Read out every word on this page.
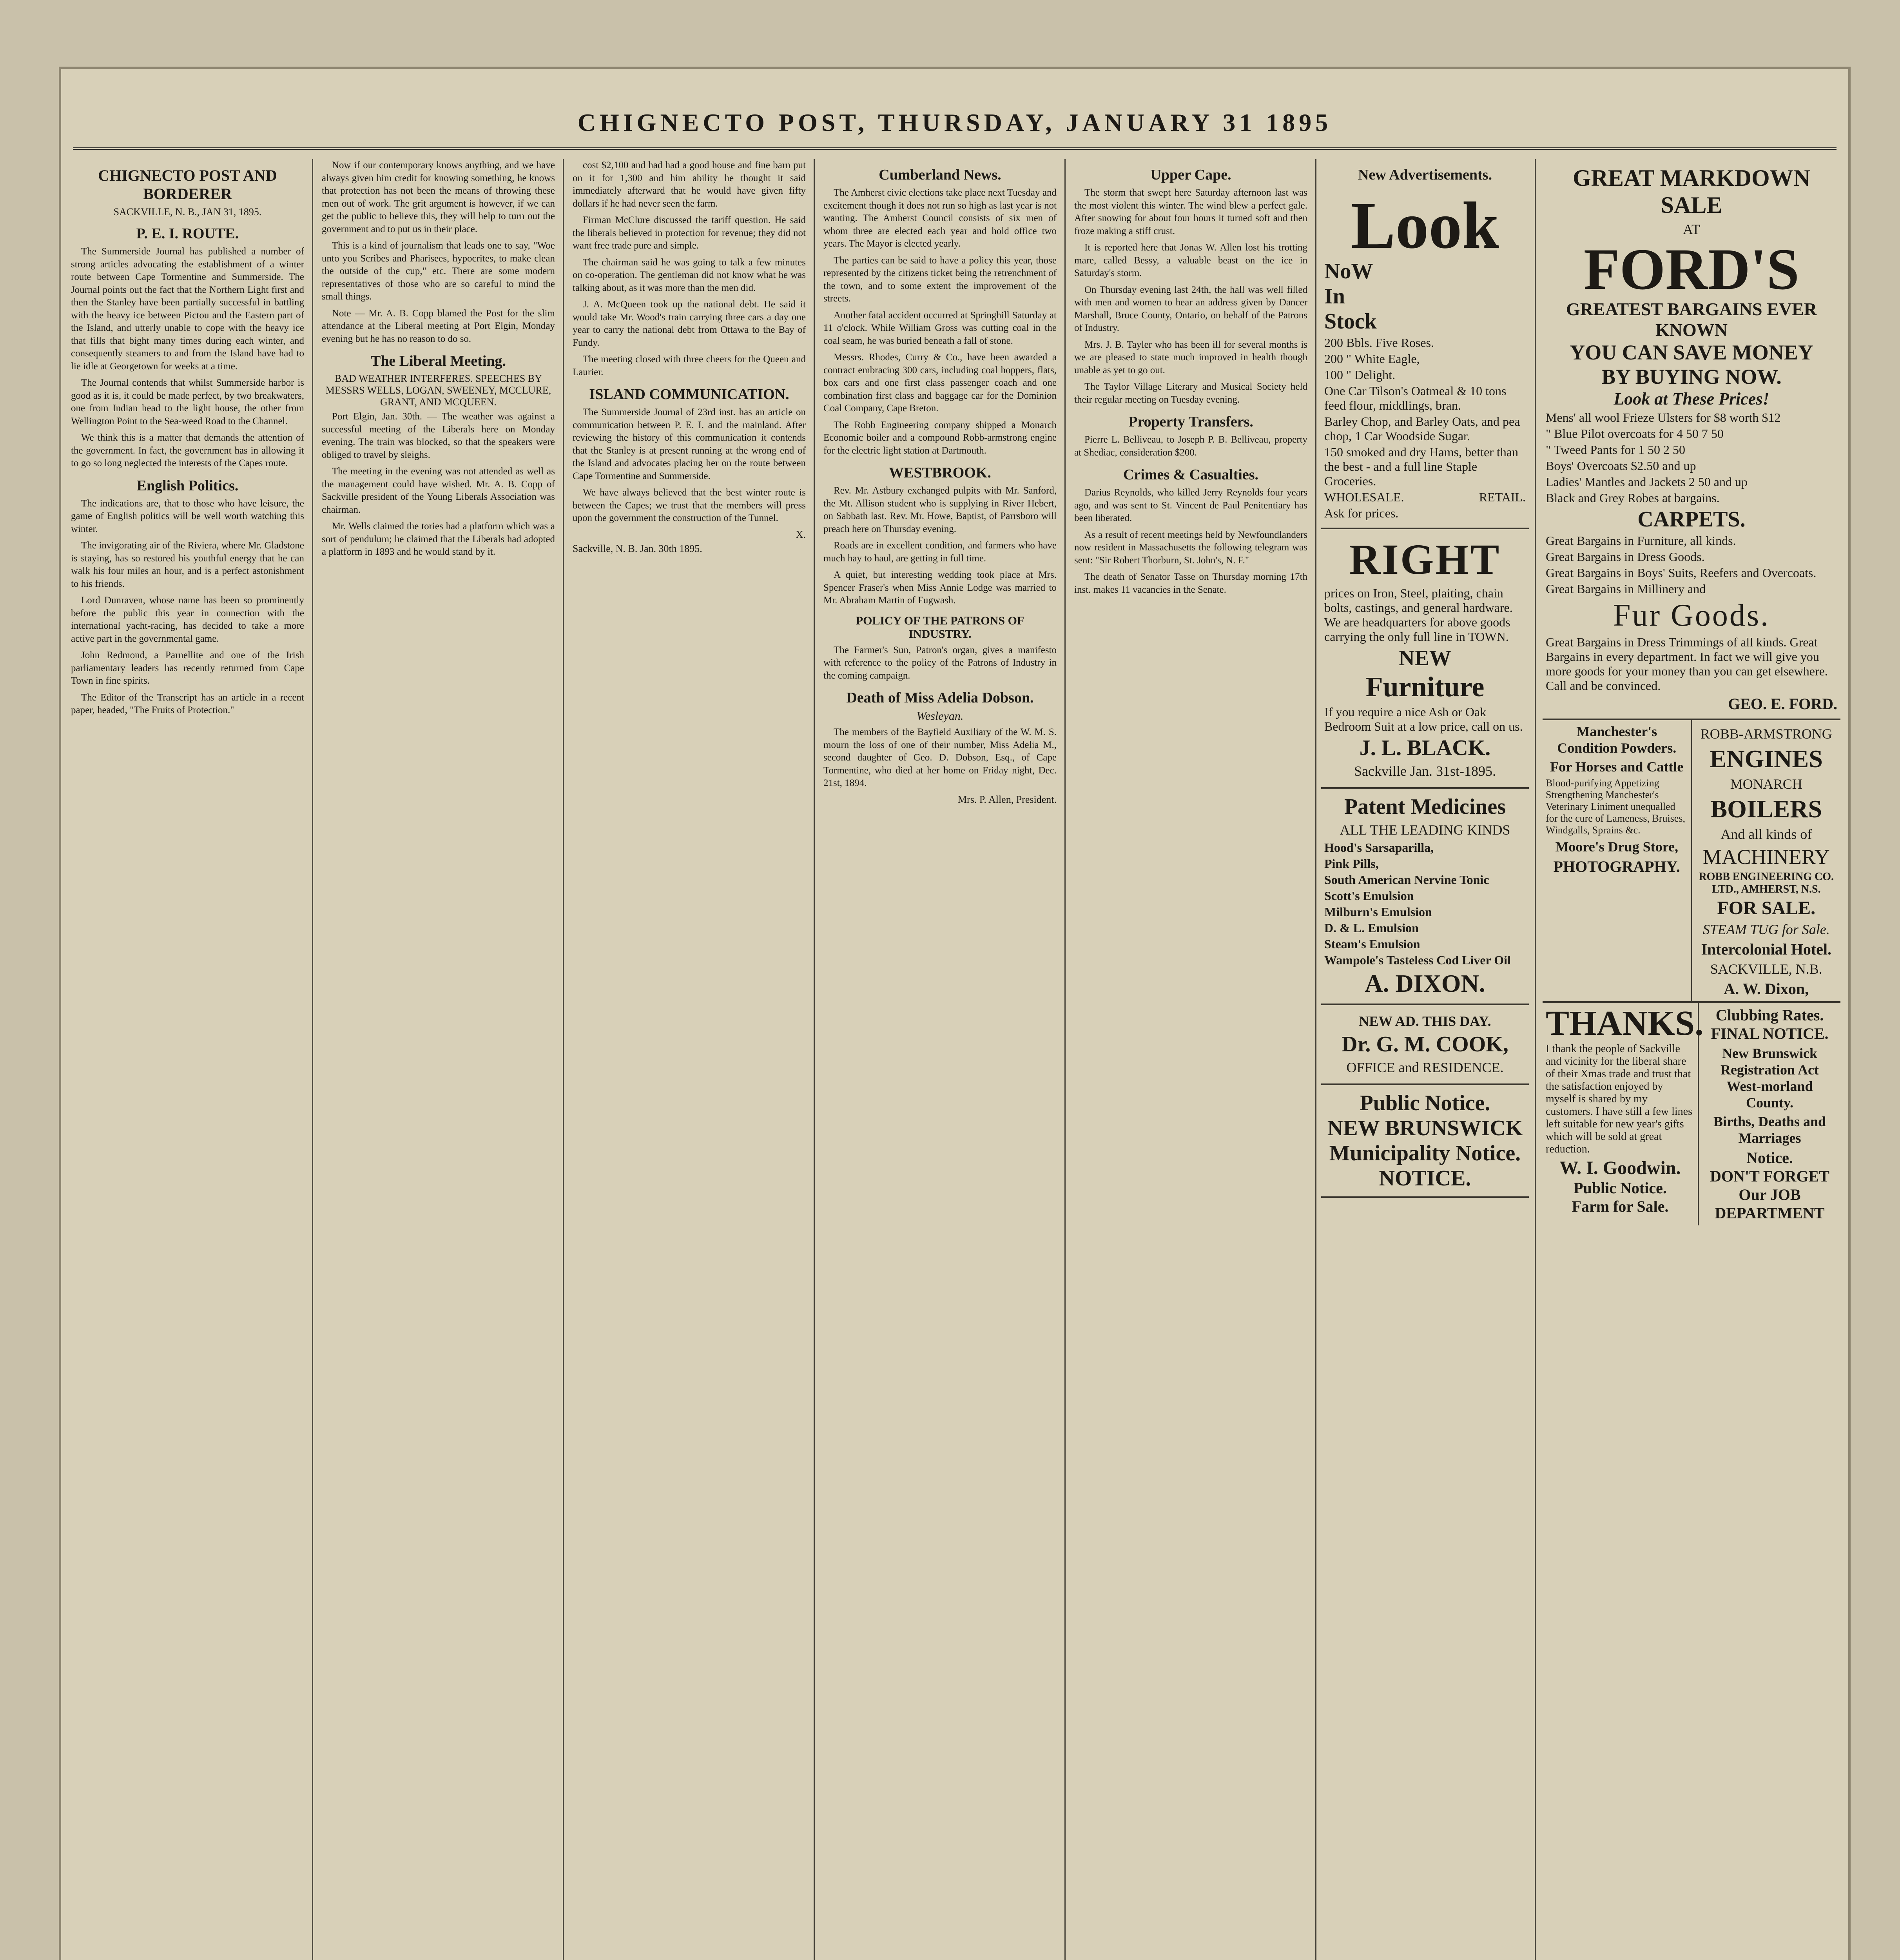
CHIGNECTO POST, THURSDAY, JANUARY 31 1895
CHIGNECTO POST AND BORDERER
SACKVILLE, N. B., JAN 31, 1895.
P. E. I. ROUTE.

The Summerside Journal has published a number of strong articles advocating the establishment of a winter route between Cape Tormentine and Summerside. The Journal points out the fact that the Northern Light first and then the Stanley have been partially successful in battling with the heavy ice between Pictou and the Eastern part of the Island, and utterly unable to cope with the heavy ice that fills that bight many times during each winter, and consequently steamers to and from the Island have had to lie idle at Georgetown for weeks at a time.

The Journal contends that whilst Summerside harbor is good as it is, it could be made perfect, by two breakwaters, one from Indian head to the light house, the other from Wellington Point to the Sea-weed Road to the Channel.

We think this is a matter that demands the attention of the government. In fact, the government has in allowing it to go so long neglected the interests of the Capes route.

English Politics.

The indications are, that to those who have leisure, the game of English politics will be well worth watching this winter.

The invigorating air of the Riviera, where Mr. Gladstone is staying, has so restored his youthful energy that he can walk his four miles an hour, and is a perfect astonishment to his friends.

Lord Dunraven, whose name has been so prominently before the public this year in connection with the international yacht-racing, has decided to take a more active part in the governmental game.

John Redmond, a Parnellite and one of the Irish parliamentary leaders has recently returned from Cape Town in fine spirits.

The Editor of the Transcript has an article in a recent paper, headed, "The Fruits of Protection."

Now if our contemporary knows anything, and we have always given him credit for knowing something, he knows that protection has not been the means of throwing these men out of work. The grit argument is however, if we can get the public to believe this, they will help to turn out the government and to put us in their place.

This is a kind of journalism that leads one to say, "Woe unto you Scribes and Pharisees, hypocrites, to make clean the outside of the cup," etc. There are some modern representatives of those who are so careful to mind the small things.

Note — Mr. A. B. Copp blamed the Post for the slim attendance at the Liberal meeting at Port Elgin, Monday evening but he has no reason to do so.

The Liberal Meeting.
BAD WEATHER INTERFERES. SPEECHES BY MESSRS WELLS, LOGAN, SWEENEY, MCCLURE, GRANT, AND MCQUEEN.

Port Elgin, Jan. 30th. — The weather was against a successful meeting of the Liberals here on Monday evening. The train was blocked, so that the speakers were obliged to travel by sleighs.

The meeting in the evening was not attended as well as the management could have wished. Mr. A. B. Copp of Sackville president of the Young Liberals Association was chairman.

Mr. Wells claimed the tories had a platform which was a sort of pendulum; he claimed that the Liberals had adopted a platform in 1893 and he would stand by it.

cost $2,100 and had had a good house and fine barn put on it for 1,300 and him ability he thought it said immediately afterward that he would have given fifty dollars if he had never seen the farm.

Firman McClure discussed the tariff question. He said the liberals believed in protection for revenue; they did not want free trade pure and simple.

The chairman said he was going to talk a few minutes on co-operation. The gentleman did not know what he was talking about, as it was more than the men did.

J. A. McQueen took up the national debt. He said it would take Mr. Wood's train carrying three cars a day one year to carry the national debt from Ottawa to the Bay of Fundy.

The meeting closed with three cheers for the Queen and Laurier.

ISLAND COMMUNICATION.

The Summerside Journal of 23rd inst. has an article on communication between P. E. I. and the mainland. After reviewing the history of this communication it contends that the Stanley is at present running at the wrong end of the Island and advocates placing her on the route between Cape Tormentine and Summerside.

We have always believed that the best winter route is between the Capes; we trust that the members will press upon the government the construction of the Tunnel.

X.
Sackville, N. B. Jan. 30th 1895.
Cumberland News.

The Amherst civic elections take place next Tuesday and excitement though it does not run so high as last year is not wanting. The Amherst Council consists of six men of whom three are elected each year and hold office two years. The Mayor is elected yearly.

The parties can be said to have a policy this year, those represented by the citizens ticket being the retrenchment of the town, and to some extent the improvement of the streets.

Another fatal accident occurred at Springhill Saturday at 11 o'clock. While William Gross was cutting coal in the coal seam, he was buried beneath a fall of stone.

Messrs. Rhodes, Curry & Co., have been awarded a contract embracing 300 cars, including coal hoppers, flats, box cars and one first class passenger coach and one combination first class and baggage car for the Dominion Coal Company, Cape Breton.

The Robb Engineering company shipped a Monarch Economic boiler and a compound Robb-armstrong engine for the electric light station at Dartmouth.

WESTBROOK.

Rev. Mr. Astbury exchanged pulpits with Mr. Sanford, the Mt. Allison student who is supplying in River Hebert, on Sabbath last. Rev. Mr. Howe, Baptist, of Parrsboro will preach here on Thursday evening.

Roads are in excellent condition, and farmers who have much hay to haul, are getting in full time.

A quiet, but interesting wedding took place at Mrs. Spencer Fraser's when Miss Annie Lodge was married to Mr. Abraham Martin of Fugwash.

POLICY OF THE PATRONS OF INDUSTRY.

The Farmer's Sun, Patron's organ, gives a manifesto with reference to the policy of the Patrons of Industry in the coming campaign.

Death of Miss Adelia Dobson.
Wesleyan.

The members of the Bayfield Auxiliary of the W. M. S. mourn the loss of one of their number, Miss Adelia M., second daughter of Geo. D. Dobson, Esq., of Cape Tormentine, who died at her home on Friday night, Dec. 21st, 1894.

Mrs. P. Allen, President.
Upper Cape.

The storm that swept here Saturday afternoon last was the most violent this winter. The wind blew a perfect gale. After snowing for about four hours it turned soft and then froze making a stiff crust.

It is reported here that Jonas W. Allen lost his trotting mare, called Bessy, a valuable beast on the ice in Saturday's storm.

On Thursday evening last 24th, the hall was well filled with men and women to hear an address given by Dancer Marshall, Bruce County, Ontario, on behalf of the Patrons of Industry.

Mrs. J. B. Tayler who has been ill for several months is we are pleased to state much improved in health though unable as yet to go out.

The Taylor Village Literary and Musical Society held their regular meeting on Tuesday evening.

Property Transfers.

Pierre L. Belliveau, to Joseph P. B. Belliveau, property at Shediac, consideration $200.

Crimes & Casualties.

Darius Reynolds, who killed Jerry Reynolds four years ago, and was sent to St. Vincent de Paul Penitentiary has been liberated.

As a result of recent meetings held by Newfoundlanders now resident in Massachusetts the following telegram was sent: "Sir Robert Thorburn, St. John's, N. F."

The death of Senator Tasse on Thursday morning 17th inst. makes 11 vacancies in the Senate.

New Advertisements.
Look
NoW
In
Stock
200 Bbls. Five Roses.
200 " White Eagle,
100 " Delight.
One Car Tilson's Oatmeal & 10 tons feed flour, middlings, bran.
Barley Chop, and Barley Oats, and pea chop, 1 Car Woodside Sugar.
150 smoked and dry Hams, better than the best - and a full line Staple Groceries.
WHOLESALE.	RETAIL.
Ask for prices.
RIGHT
prices on Iron, Steel, plaiting, chain bolts, castings, and general hardware. We are headquarters for above goods carrying the only full line in TOWN.
NEW
Furniture
If you require a nice Ash or Oak Bedroom Suit at a low price, call on us.
J. L. BLACK.
Sackville Jan. 31st-1895.
Patent Medicines
ALL THE LEADING KINDS
Hood's Sarsaparilla,
Pink Pills,
South American Nervine Tonic
Scott's Emulsion
Milburn's Emulsion
D. & L. Emulsion
Steam's Emulsion
Wampole's Tasteless Cod Liver Oil
A. DIXON.
NEW AD. THIS DAY.
Dr. G. M. COOK,
OFFICE and RESIDENCE.
Public Notice.
NEW BRUNSWICK
Municipality Notice.
NOTICE.
GREAT MARKDOWN SALE
AT
FORD'S
GREATEST BARGAINS EVER KNOWN
YOU CAN SAVE MONEY
BY BUYING NOW.
Look at These Prices!
Mens' all wool Frieze Ulsters for $8 worth $12
" Blue Pilot overcoats for 4 50 7 50
" Tweed Pants for 1 50 2 50
Boys' Overcoats $2.50 and up
Ladies' Mantles and Jackets 2 50 and up
Black and Grey Robes at bargains.
CARPETS.
Great Bargains in Furniture, all kinds.
Great Bargains in Dress Goods.
Great Bargains in Boys' Suits, Reefers and Overcoats.
Great Bargains in Millinery and
Fur Goods.
Great Bargains in Dress Trimmings of all kinds. Great Bargains in every department. In fact we will give you more goods for your money than you can get elsewhere. Call and be convinced.
GEO. E. FORD.
Manchester's Condition Powders.
For Horses and Cattle
Blood-purifying Appetizing Strengthening Manchester's Veterinary Liniment unequalled for the cure of Lameness, Bruises, Windgalls, Sprains &c.
Moore's Drug Store,
PHOTOGRAPHY.
ROBB-ARMSTRONG
ENGINES
MONARCH
BOILERS
And all kinds of
MACHINERY
ROBB ENGINEERING CO. LTD., AMHERST, N.S.
FOR SALE.
STEAM TUG for Sale.
Intercolonial Hotel.
SACKVILLE, N.B.
A. W. Dixon,
THANKS.
I thank the people of Sackville and vicinity for the liberal share of their Xmas trade and trust that the satisfaction enjoyed by myself is shared by my customers. I have still a few lines left suitable for new year's gifts which will be sold at great reduction.
W. I. Goodwin.
Public Notice.
Farm for Sale.
Clubbing Rates.
FINAL NOTICE.
New Brunswick Registration Act West-morland County.
Births, Deaths and Marriages
Notice.
DON'T FORGET Our JOB DEPARTMENT
